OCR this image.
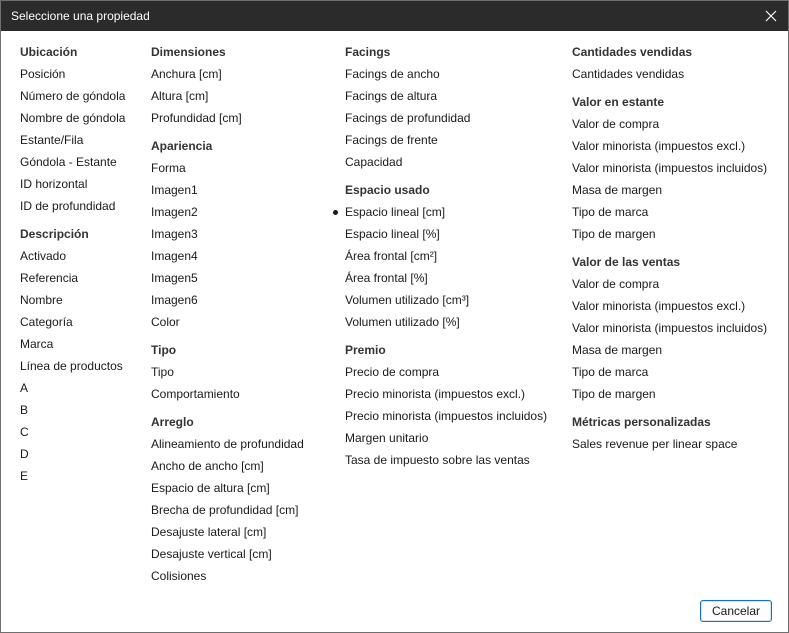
Seleccione una propiedad
Ubicación
Posición
Número de góndola
Nombre de góndola
Estante/Fila
Góndola - Estante
ID horizontal
ID de profundidad
Descripción
Activado
Referencia
Nombre
Categoría
Marca
Línea de productos
A
B
C
D
E
Dimensiones
Anchura [cm]
Altura [cm]
Profundidad [cm]
Apariencia
Forma
Imagen1
Imagen2
Imagen3
Imagen4
Imagen5
Imagen6
Color
Tipo
Tipo
Comportamiento
Arreglo
Alineamiento de profundidad
Ancho de ancho [cm]
Espacio de altura [cm]
Brecha de profundidad [cm]
Desajuste lateral [cm]
Desajuste vertical [cm]
Colisiones
Facings
Facings de ancho
Facings de altura
Facings de profundidad
Facings de frente
Capacidad
Espacio usado
Espacio lineal [cm]
Espacio lineal [%]
Área frontal [cm²]
Área frontal [%]
Volumen utilizado [cm³]
Volumen utilizado [%]
Premio
Precio de compra
Precio minorista (impuestos excl.)
Precio minorista (impuestos incluidos)
Margen unitario
Tasa de impuesto sobre las ventas
Cantidades vendidas
Cantidades vendidas
Valor en estante
Valor de compra
Valor minorista (impuestos excl.)
Valor minorista (impuestos incluidos)
Masa de margen
Tipo de marca
Tipo de margen
Valor de las ventas
Valor de compra
Valor minorista (impuestos excl.)
Valor minorista (impuestos incluidos)
Masa de margen
Tipo de marca
Tipo de margen
Métricas personalizadas
Sales revenue per linear space
Cancelar
